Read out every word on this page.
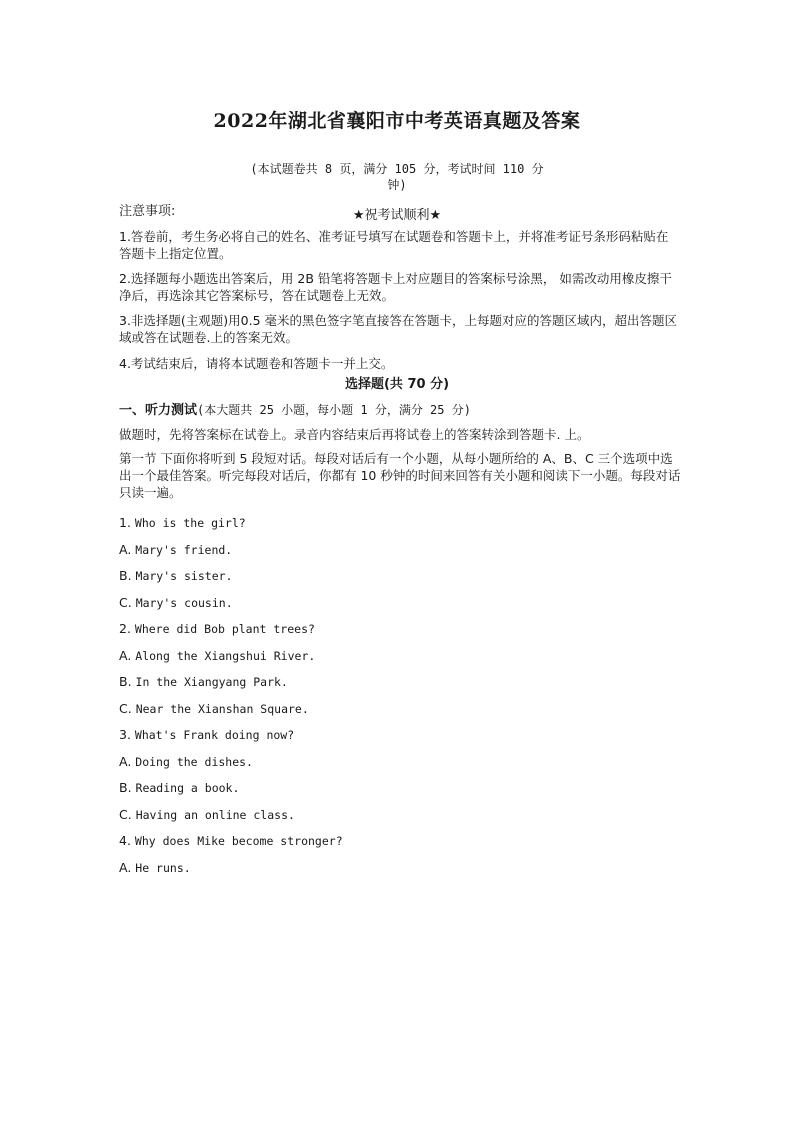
2022年湖北省襄阳市中考英语真题及答案
(本试题卷共 8 页，满分 105 分，考试时间 110 分
钟)
注意事项:	★祝考试顺利★
1.答卷前，考生务必将自己的姓名、准考证号填写在试题卷和答题卡上，并将准考证号条形码粘贴在答题卡上指定位置。
2.选择题每小题选出答案后，用 2B 铅笔将答题卡上对应题目的答案标号涂黑， 如需改动用橡皮擦干净后，再选涂其它答案标号，答在试题卷上无效。
3.非选择题(主观题)用0.5 毫米的黑色签字笔直接答在答题卡，上每题对应的答题区域内，超出答题区域或答在试题卷.上的答案无效。
4.考试结束后，请将本试题卷和答题卡一并上交。
选择题(共 70 分)
一、听力测试(本大题共 25 小题，每小题 1 分，满分 25 分)
做题时，先将答案标在试卷上。录音内容结束后再将试卷上的答案转涂到答题卡. 上。
第一节 下面你将听到 5 段短对话。每段对话后有一个小题，从每小题所给的 A、B、C 三个选项中选出一个最佳答案。听完每段对话后，你都有 10 秒钟的时间来回答有关小题和阅读下一小题。每段对话只读一遍。
1. Who is the girl?
A. Mary's friend.
B. Mary's sister.
C. Mary's cousin.
2. Where did Bob plant trees?
A. Along the Xiangshui River.
B. In the Xiangyang Park.
C. Near the Xianshan Square.
3. What's Frank doing now?
A. Doing the dishes.
B. Reading a book.
C. Having an online class.
4. Why does Mike become stronger?
A. He runs.
